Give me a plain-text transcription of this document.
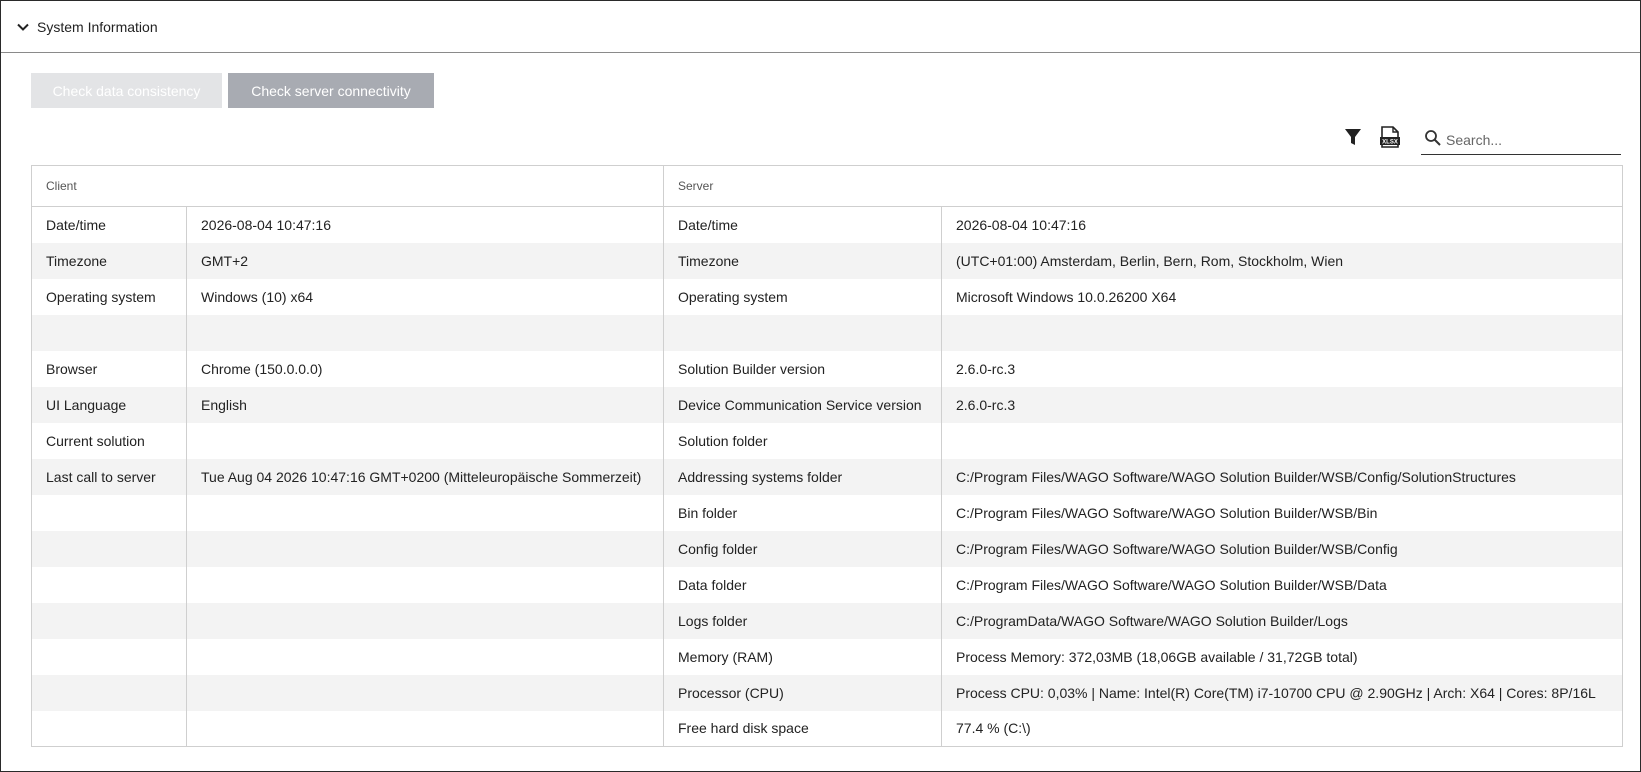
System Information
Check data consistency	Check server connectivity
XLSX
Search...
Client		Server	
Date/time	2026-08-04 10:47:16	Date/time	2026-08-04 10:47:16
Timezone	GMT+2	Timezone	(UTC+01:00) Amsterdam, Berlin, Bern, Rom, Stockholm, Wien
Operating system	Windows (10) x64	Operating system	Microsoft Windows 10.0.26200 X64

Browser	Chrome (150.0.0.0)	Solution Builder version	2.6.0-rc.3
UI Language	English	Device Communication Service version	2.6.0-rc.3
Current solution		Solution folder	
Last call to server	Tue Aug 04 2026 10:47:16 GMT+0200 (Mitteleuropäische Sommerzeit)	Addressing systems folder	C:/Program Files/WAGO Software/WAGO Solution Builder/WSB/Config/SolutionStructures
		Bin folder	C:/Program Files/WAGO Software/WAGO Solution Builder/WSB/Bin
		Config folder	C:/Program Files/WAGO Software/WAGO Solution Builder/WSB/Config
		Data folder	C:/Program Files/WAGO Software/WAGO Solution Builder/WSB/Data
		Logs folder	C:/ProgramData/WAGO Software/WAGO Solution Builder/Logs
		Memory (RAM)	Process Memory: 372,03MB (18,06GB available / 31,72GB total)
		Processor (CPU)	Process CPU: 0,03% | Name: Intel(R) Core(TM) i7-10700 CPU @ 2.90GHz | Arch: X64 | Cores: 8P/16L
		Free hard disk space	77.4 % (C:\)
